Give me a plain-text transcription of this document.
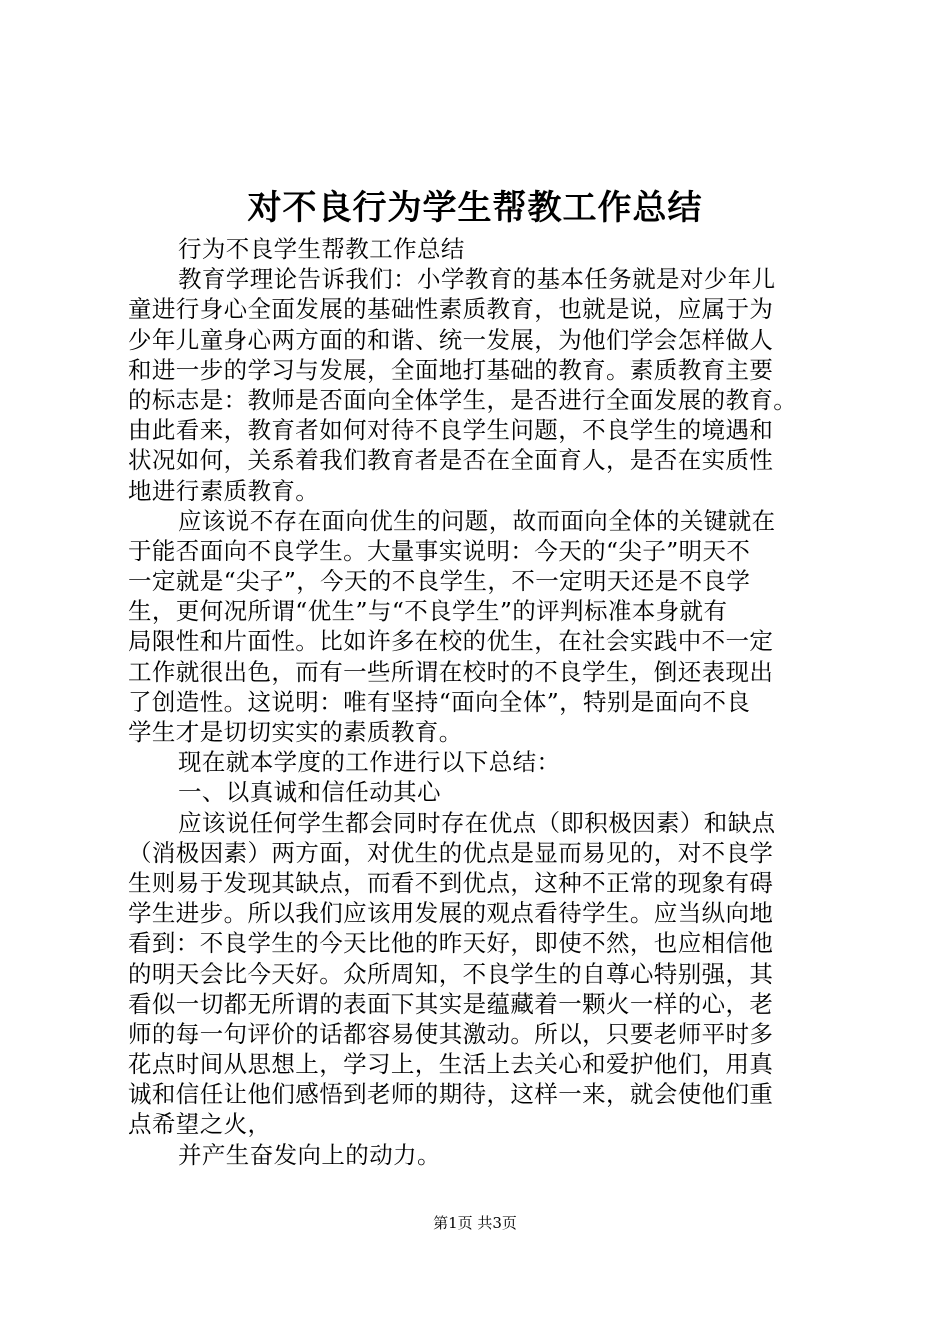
对不良行为学生帮教工作总结
行为不良学生帮教工作总结
教育学理论告诉我们：小学教育的基本任务就是对少年儿
童进行身心全面发展的基础性素质教育，也就是说，应属于为
少年儿童身心两方面的和谐、统一发展，为他们学会怎样做人
和进一步的学习与发展，全面地打基础的教育。素质教育主要
的标志是：教师是否面向全体学生，是否进行全面发展的教育。
由此看来，教育者如何对待不良学生问题，不良学生的境遇和
状况如何，关系着我们教育者是否在全面育人，是否在实质性
地进行素质教育。
应该说不存在面向优生的问题，故而面向全体的关键就在
于能否面向不良学生。大量事实说明：今天的“尖子”明天不
一定就是“尖子”，今天的不良学生，不一定明天还是不良学
生，更何况所谓“优生”与“不良学生”的评判标准本身就有
局限性和片面性。比如许多在校的优生，在社会实践中不一定
工作就很出色，而有一些所谓在校时的不良学生，倒还表现出
了创造性。这说明：唯有坚持“面向全体”，特别是面向不良
学生才是切切实实的素质教育。
现在就本学度的工作进行以下总结：
一、以真诚和信任动其心
应该说任何学生都会同时存在优点（即积极因素）和缺点
（消极因素）两方面，对优生的优点是显而易见的，对不良学
生则易于发现其缺点，而看不到优点，这种不正常的现象有碍
学生进步。所以我们应该用发展的观点看待学生。应当纵向地
看到：不良学生的今天比他的昨天好，即使不然，也应相信他
的明天会比今天好。众所周知，不良学生的自尊心特别强，其
看似一切都无所谓的表面下其实是蕴藏着一颗火一样的心，老
师的每一句评价的话都容易使其激动。所以，只要老师平时多
花点时间从思想上，学习上，生活上去关心和爱护他们，用真
诚和信任让他们感悟到老师的期待，这样一来，就会使他们重
点希望之火，
并产生奋发向上的动力。
第1页 共3页
